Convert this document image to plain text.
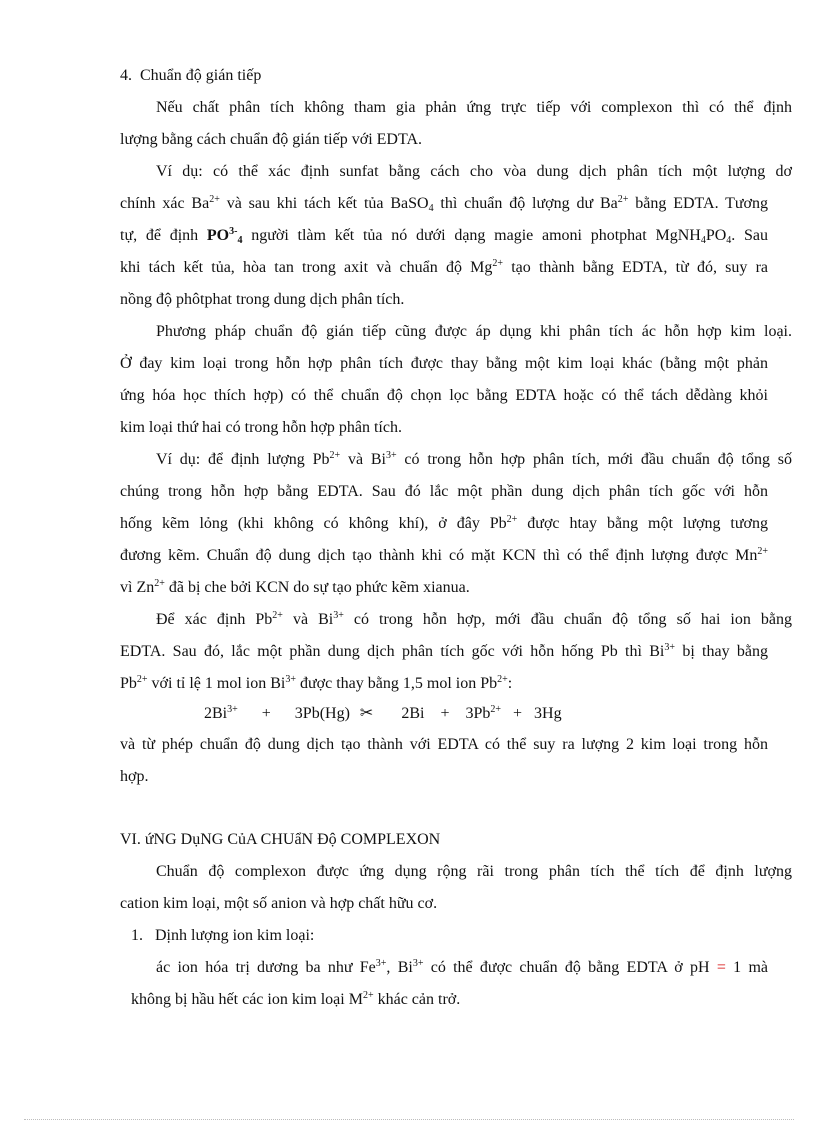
4. Chuẩn độ gián tiếp
Nếu chất phân tích không tham gia phản ứng trực tiếp với complexon thì có thể định
lượng bằng cách chuẩn độ gián tiếp với EDTA.
Ví dụ: có thể xác định sunfat bằng cách cho vòa dung dịch phân tích một lượng dơ
chính xác $Ba^{2+}$ và sau khi tách kết tủa BaSO$_4$ thì chuẩn độ lượng dư $Ba^{2+}$ bằng EDTA. Tương
tự, để định $PO^{3-}_4$ người tlàm kết tủa nó dưới dạng magie amoni photphat $MgNH_4PO_4$. Sau
khi tách kết tủa, hòa tan trong axit và chuẩn độ $Mg^{2+}$ tạo thành bằng EDTA, từ đó, suy ra
nồng độ phôtphat trong dung dịch phân tích.
Phương pháp chuẩn độ gián tiếp cũng được áp dụng khi phân tích ác hỗn hợp kim loại.
Ở đay kim loại trong hỗn hợp phân tích được thay bằng một kim loại khác (bằng một phản
ứng hóa học thích hợp) có thể chuẩn độ chọn lọc bằng EDTA hoặc có thể tách dễdàng khỏi
kim loại thứ hai có trong hỗn hợp phân tích.
Ví dụ: để định lượng $Pb^{2+}$ và $Bi^{3+}$ có trong hỗn hợp phân tích, mới đầu chuẩn độ tổng số
chúng trong hỗn hợp bằng EDTA. Sau đó lắc một phần dung dịch phân tích gốc với hỗn
hống kẽm lỏng (khi không có không khí), ở đây $Pb^{2+}$ được htay bằng một lượng tương
đương kẽm. Chuẩn độ dung dịch tạo thành khi có mặt KCN thì có thể định lượng được $Mn^{2+}$
vì $Zn^{2+}$ đã bị che bởi KCN do sự tạo phức kẽm xianua.
Để xác định $Pb^{2+}$ và $Bi^{3+}$ có trong hỗn hợp, mới đầu chuẩn độ tổng số hai ion bằng
EDTA. Sau đó, lắc một phần dung dịch phân tích gốc với hỗn hống Pb thì $Bi^{3+}$ bị thay bằng
$Pb^{2+}$ với tỉ lệ 1 mol ion $Bi^{3+}$ được thay bằng 1,5 mol ion $Pb^{2+}$:
$2Bi^{3+} + 3Pb(Hg)$ ✂ $2Bi + 3Pb^{2+} + 3Hg$
và từ phép chuẩn độ dung dịch tạo thành với EDTA có thể suy ra lượng 2 kim loại trong hỗn
hợp.
VI. ứNG DụNG CủA CHUẩN Độ COMPLEXON
Chuẩn độ complexon được ứng dụng rộng rãi trong phân tích thể tích để định lượng
cation kim loại, một số anion và hợp chất hữu cơ.
1. Dịnh lượng ion kim loại:
ác ion hóa trị dương ba như $Fe^{3+}$, $Bi^{3+}$ có thể được chuẩn độ bằng EDTA ở pH = 1 mà
không bị hầu hết các ion kim loại $M^{2+}$ khác cản trở.
